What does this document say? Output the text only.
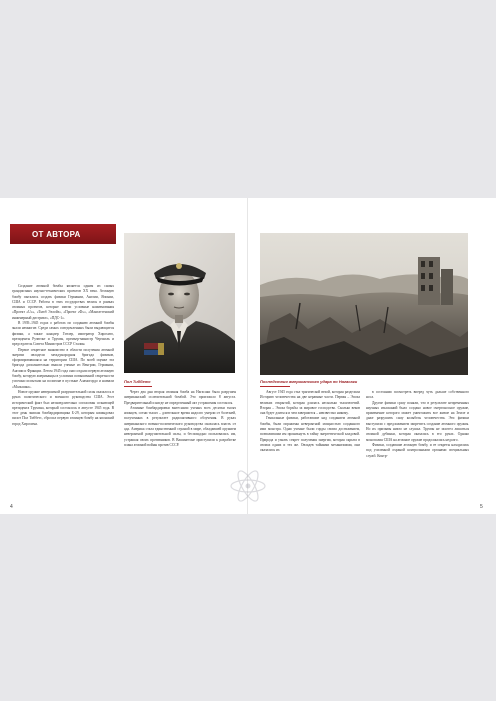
ОТ АВТОРА

Создание атомной бомбы является одним из самых грандиозных научно-технических проектов XX века. Атомную бомбу пытались создать физики Германии, Англии, Японии, США и СССР. Работы в этих государствах велись в рамках атомных проектов, которые имели условные наименования «Проект «U»», «Тьюб Эллойз», «Проект «Ф»», «Манхэттенский инженерный дистрикт», «ПДС-1».

В 1939–1945 годах о работах по созданию атомной бомбы знали немногие. Среди самых осведомленных были выдающиеся физики, а также канцлер Гитлер, император Хирохито, президенты Рузвельт и Трумэн, премьер-министр Черчилль и председатель Совета Министров СССР Сталин.

Первое секретное знакомство в области получения атомной энергии овладели международная бригада физиков, сформировавшаяся на территории США. По моей оценке эта бригада дополнительно вышли ученые из Венгрии, Германии, Англии и Франции. Летом 1945 года они создали первую атомную бомбу, которую американцы в условиях повышенной секретности успешно испытали на полигоне в пустыне Аламогордо и назвали «Малышка».

Новое оружие невероятной разрушительной силы оказалось в руках политического и военного руководства США. Этот исторический факт был незамедлительно согласован сознающей президента Трумэна, который состоялось в августе 1945 года. В этот день экипаж бомбардировщика Б-29, которым командовал пилот Пол Тиббетс, сбросил первую атомную бомбу на японский город Хиросима.

Пол Тиббетс

Через два дня вторая атомная бомба на Нагасаки была разрушен американский ослепительной бомбой. Это произошло 8 августа. Предварительный и нигде не определенный акт устрашения состоялся.

Атомные бомбардировки вытеснили ученых всех десятки тысяч японцев, сотни тысяч – длительное время надолго умерли от болезней, полученных в результате радиоактивного облучения. В руках американского военно-политического руководства оказалась власть от ада. Америка стала единственной страной в мире, обладавшей оружием невероятной разрушительной силы, и беспощадно пользовалась им, устрашая своих противников. В Вашингтоне приступили к разработке плана атомной войны против СССР.

4
Последствия американского удара по Нагасаки

Август 1945 года стал трагической вехой, которая разделила Историю человечества на две неравные части. Первая – Эпоха великих открытий, которая длилась несколько тысячелетий. Вторая – Эпоха борьбы за мировое господство. Сколько веков она будет длиться и чем завершится – неизвестно никому.

Гениальные физики, работавшие над созданием атомной бомбы, были поражены невероятной мощностью созданного ими монстра. Одни ученые были горды своим достижением, позволившим им проникнуть в тайну энергетической кладовой. Природа и узнать секрет получения энергии, которая скрыта в атомах одних и тех же. Овладев тайными механизмами, они оказались их

в состоянии посмотреть вперед чуть дальше собственного носа.

Другие физики сразу поняли, что в результате непременных научных изысканий было создано новое смертоносное оружие, применение которого может уничтожить все живое на Земле и даже разрушить саму колыбель человечества. Эти физики выступили с предложением запретить создание атомного оружия. Но их призывы никто не слушал. Трумэн не захотел лишаться атомной дубинки, которая оказалась в его руках. Однако монополия США на атомное оружие продолжалась недолго.

Физики, создавшие атомную бомбу, и ее секреты находились под усиленной охраной контрольными органами специальных служб. Контр-

5
